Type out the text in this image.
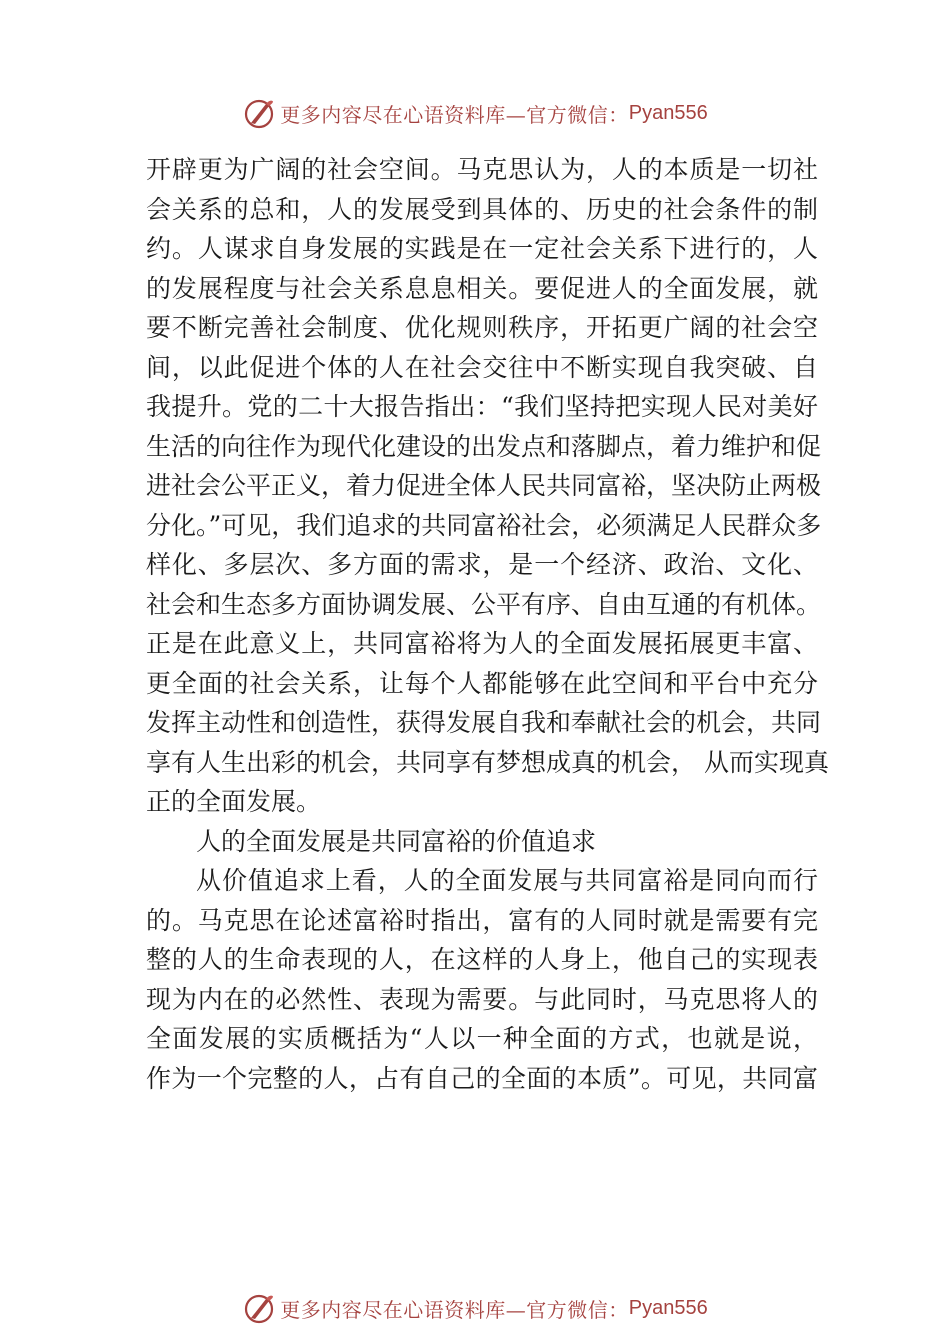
更多内容尽在心语资料库—官方微信： Pyan556
开辟更为广阔的社会空间。马克思认为，人的本质是一切社
会关系的总和，人的发展受到具体的、历史的社会条件的制
约。人谋求自身发展的实践是在一定社会关系下进行的，人
的发展程度与社会关系息息相关。要促进人的全面发展，就
要不断完善社会制度、优化规则秩序，开拓更广阔的社会空
间，以此促进个体的人在社会交往中不断实现自我突破、自
我提升。党的二十大报告指出：“我们坚持把实现人民对美好
生活的向往作为现代化建设的出发点和落脚点，着力维护和促
进社会公平正义，着力促进全体人民共同富裕，坚决防止两极
分化。”可见，我们追求的共同富裕社会，必须满足人民群众多
样化、多层次、多方面的需求，是一个经济、政治、文化、
社会和生态多方面协调发展、公平有序、自由互通的有机体。
正是在此意义上，共同富裕将为人的全面发展拓展更丰富、
更全面的社会关系，让每个人都能够在此空间和平台中充分
发挥主动性和创造性，获得发展自我和奉献社会的机会，共同
享有人生出彩的机会，共同享有梦想成真的机会， 从而实现真
正的全面发展。
人的全面发展是共同富裕的价值追求
从价值追求上看，人的全面发展与共同富裕是同向而行
的。马克思在论述富裕时指出，富有的人同时就是需要有完
整的人的生命表现的人，在这样的人身上，他自己的实现表
现为内在的必然性、表现为需要。与此同时，马克思将人的
全面发展的实质概括为“人以一种全面的方式，也就是说，
作为一个完整的人，占有自己的全面的本质”。可见，共同富
更多内容尽在心语资料库—官方微信： Pyan556
